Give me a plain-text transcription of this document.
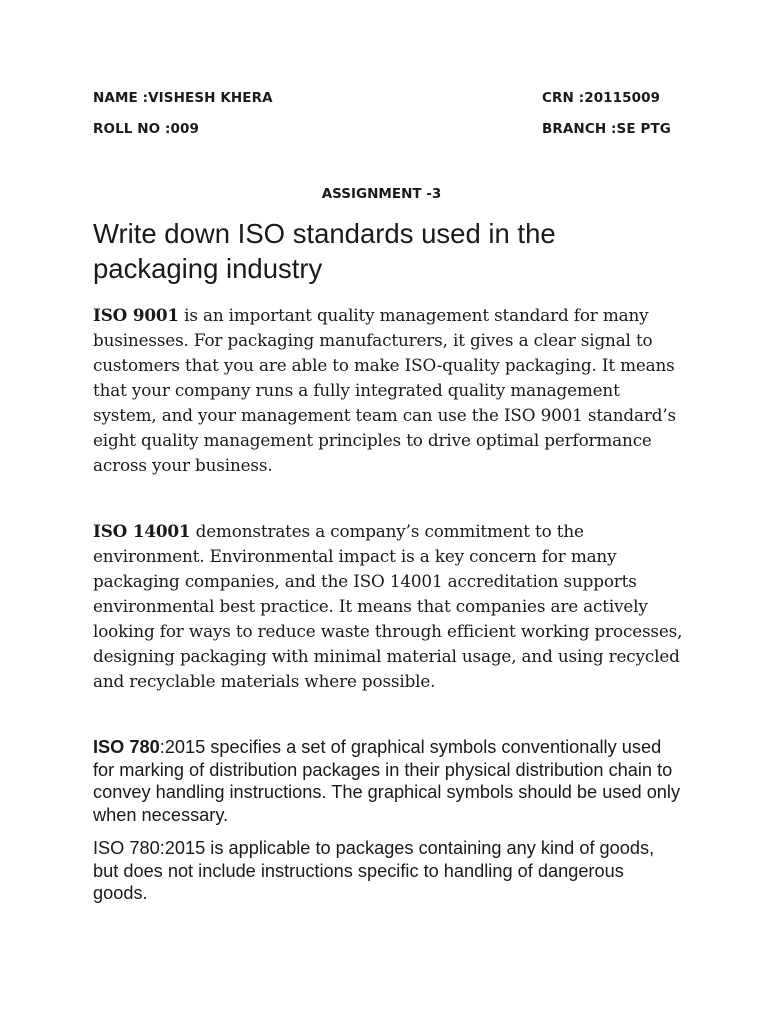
NAME :VISHESH KHERA	CRN :20115009
ROLL NO :009	BRANCH :SE PTG
ASSIGNMENT -3
Write down ISO standards used in the packaging industry

ISO 9001 is an important quality management standard for many businesses. For packaging manufacturers, it gives a clear signal to customers that you are able to make ISO-quality packaging. It means that your company runs a fully integrated quality management system, and your management team can use the ISO 9001 standard’s eight quality management principles to drive optimal performance across your business.

ISO 14001 demonstrates a company’s commitment to the environment. Environmental impact is a key concern for many packaging companies, and the ISO 14001 accreditation supports environmental best practice. It means that companies are actively looking for ways to reduce waste through efficient working processes, designing packaging with minimal material usage, and using recycled and recyclable materials where possible.

ISO 780:2015 specifies a set of graphical symbols conventionally used for marking of distribution packages in their physical distribution chain to convey handling instructions. The graphical symbols should be used only when necessary.

ISO 780:2015 is applicable to packages containing any kind of goods, but does not include instructions specific to handling of dangerous goods.
